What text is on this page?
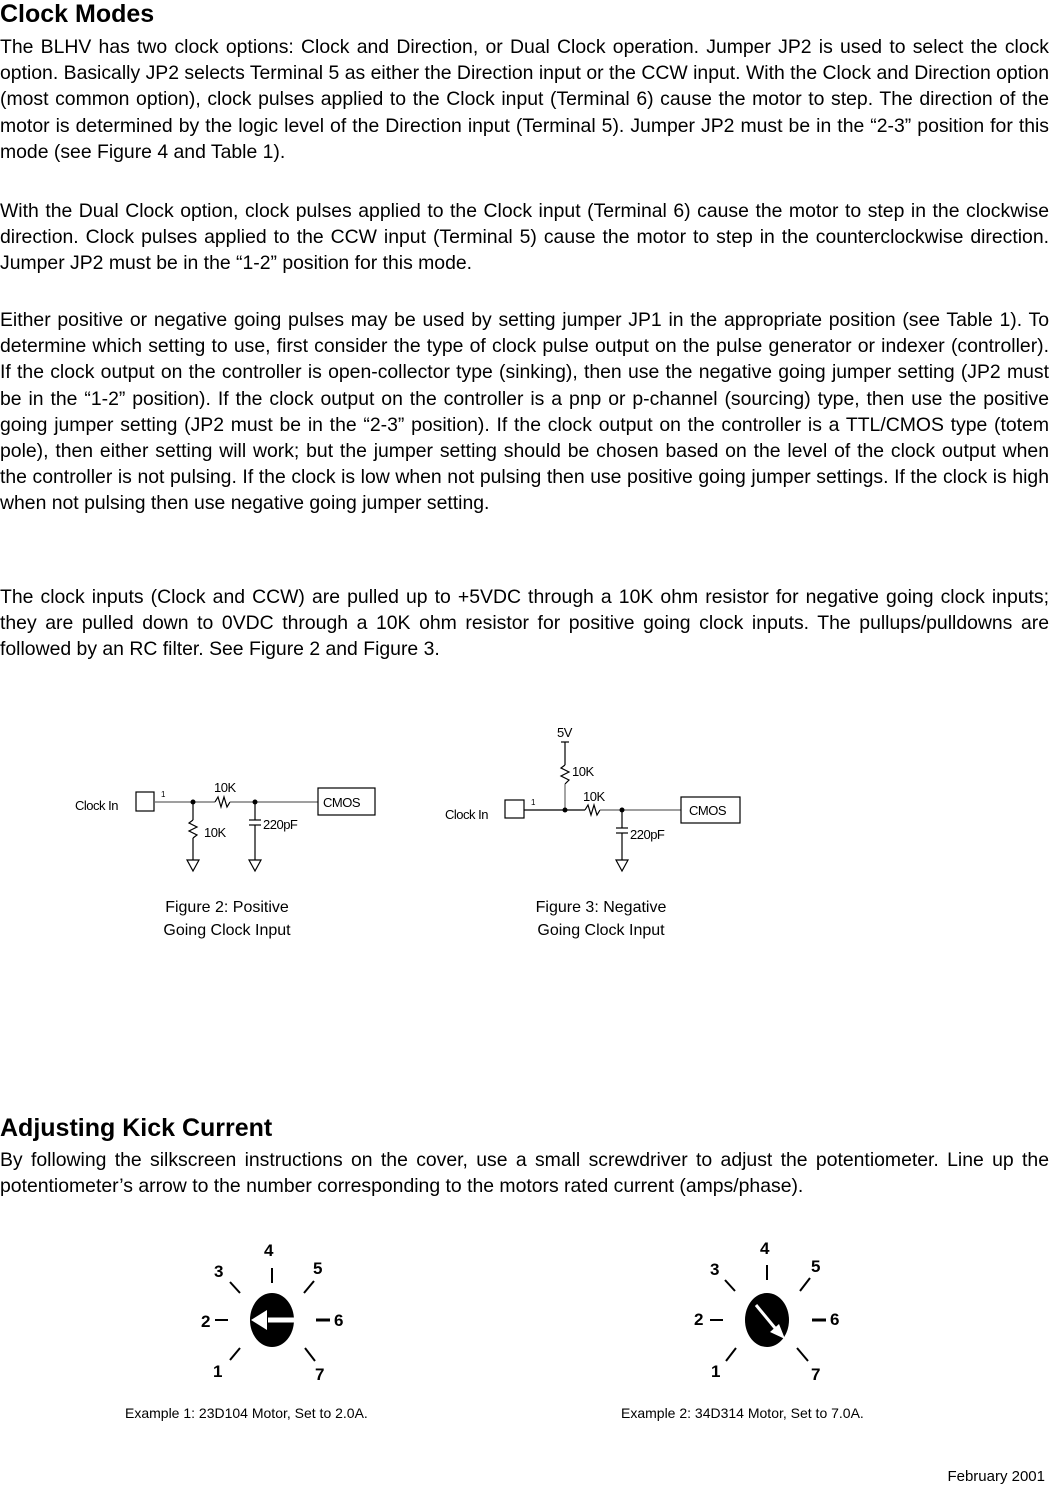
Clock Modes

The BLHV has two clock options: Clock and Direction, or Dual Clock operation. Jumper JP2 is used to select the clock option. Basically JP2 selects Terminal 5 as either the Direction input or the CCW input. With the Clock and Direction option (most common option), clock pulses applied to the Clock input (Terminal 6) cause the motor to step. The direction of the motor is determined by the logic level of the Direction input (Terminal 5). Jumper JP2 must be in the “2-3” position for this mode (see Figure 4 and Table 1).

With the Dual Clock option, clock pulses applied to the Clock input (Terminal 6) cause the motor to step in the clockwise direction. Clock pulses applied to the CCW input (Terminal 5) cause the motor to step in the counterclockwise direction. Jumper JP2 must be in the “1-2” position for this mode.

Either positive or negative going pulses may be used by setting jumper JP1 in the appropriate position (see Table 1). To determine which setting to use, first consider the type of clock pulse output on the pulse generator or indexer (controller). If the clock output on the controller is open-collector type (sinking), then use the negative going jumper setting (JP2 must be in the “1-2” position). If the clock output on the controller is a pnp or p-channel (sourcing) type, then use the positive going jumper setting (JP2 must be in the “2-3” position). If the clock output on the controller is a TTL/CMOS type (totem pole), then either setting will work; but the jumper setting should be chosen based on the level of the clock output when the controller is not pulsing. If the clock is low when not pulsing then use positive going jumper settings. If the clock is high when not pulsing then use negative going jumper setting.

The clock inputs (Clock and CCW) are pulled up to +5VDC through a 10K ohm resistor for negative going clock inputs; they are pulled down to 0VDC through a 10K ohm resistor for positive going clock inputs. The pullups/pulldowns are followed by an RC filter. See Figure 2 and Figure 3.

Clock In
1	10K
10K
220pF
CMOS
5V
Clock In
1
10K
10K
220pF
CMOS
2
3
4
5
6
1	7
2
3
4
5
6
1	7
Figure 2: Positive
Going Clock Input
Figure 3: Negative
Going Clock Input
Adjusting Kick Current

By following the silkscreen instructions on the cover, use a small screwdriver to adjust the potentiometer. Line up the potentiometer’s arrow to the number corresponding to the motors rated current (amps/phase).

Example 1: 23D104 Motor, Set to 2.0A.	Example 2: 34D314 Motor, Set to 7.0A.
February 2001
